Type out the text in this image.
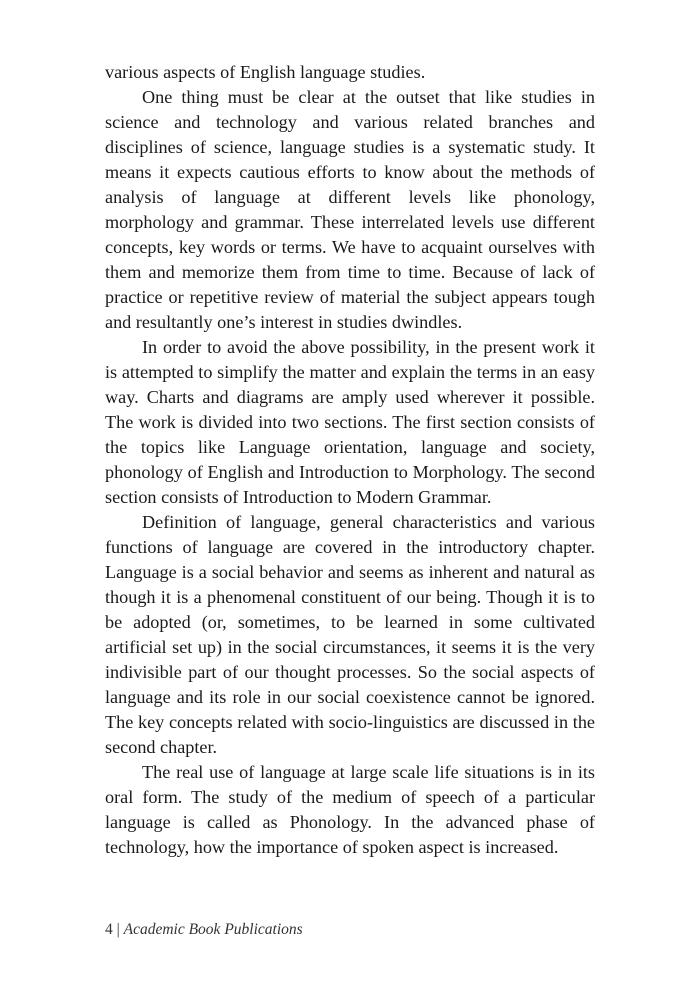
various aspects of English language studies.

One thing must be clear at the outset that like studies in science and technology and various related branches and disciplines of science, language studies is a systematic study. It means it expects cautious efforts to know about the methods of analysis of language at different levels like phonology, morphology and grammar. These interrelated levels use different concepts, key words or terms. We have to acquaint ourselves with them and memorize them from time to time. Because of lack of practice or repetitive review of material the subject appears tough and resultantly one’s interest in studies dwindles.

In order to avoid the above possibility, in the present work it is attempted to simplify the matter and explain the terms in an easy way. Charts and diagrams are amply used wherever it possible. The work is divided into two sections. The first section consists of the topics like Language orientation, language and society, phonology of English and Introduction to Morphology. The second section consists of Introduction to Modern Grammar.

Definition of language, general characteristics and various functions of language are covered in the introductory chapter. Language is a social behavior and seems as inherent and natural as though it is a phenomenal constituent of our being. Though it is to be adopted (or, sometimes, to be learned in some cultivated artificial set up) in the social circumstances, it seems it is the very indivisible part of our thought processes. So the social aspects of language and its role in our social coexistence cannot be ignored. The key concepts related with socio-linguistics are discussed in the second chapter.

The real use of language at large scale life situations is in its oral form. The study of the medium of speech of a particular language is called as Phonology. In the advanced phase of technology, how the importance of spoken aspect is increased.

4 | Academic Book Publications
